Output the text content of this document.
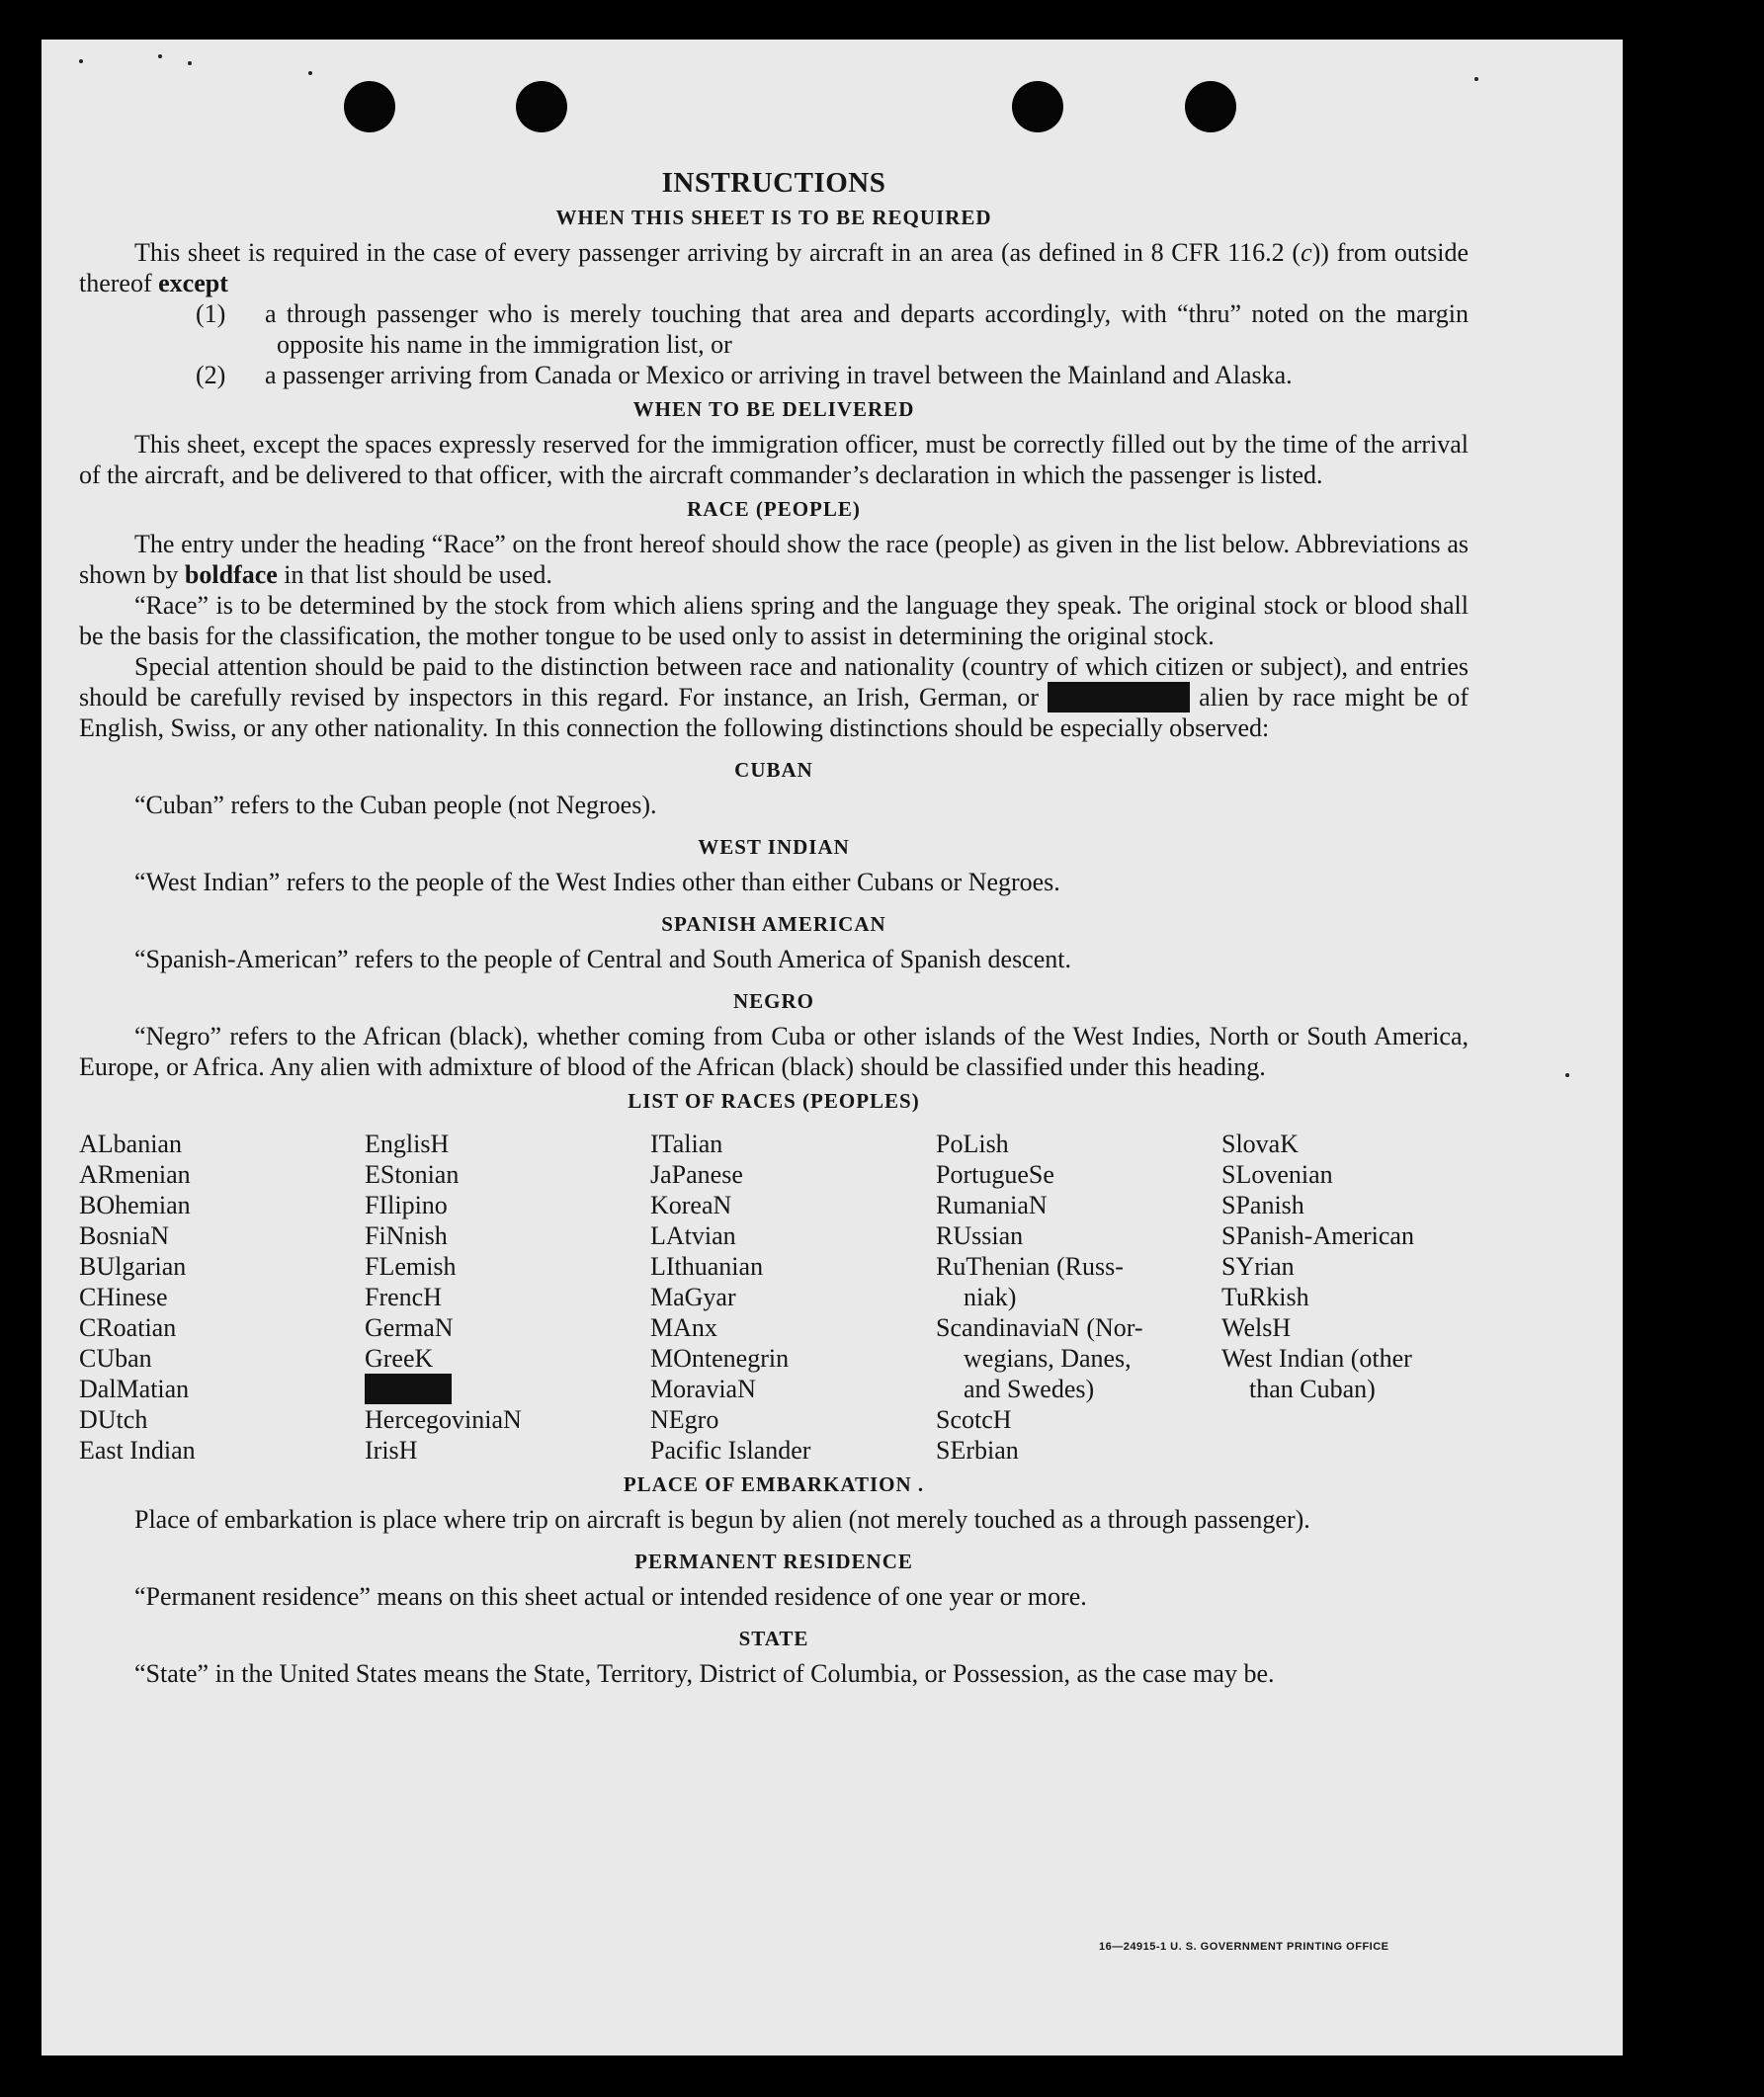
INSTRUCTIONS
WHEN THIS SHEET IS TO BE REQUIRED

This sheet is required in the case of every passenger arriving by aircraft in an area (as defined in 8 CFR 116.2 (c)) from outside thereof except

(1) a through passenger who is merely touching that area and departs accordingly, with “thru” noted on the margin opposite his name in the immigration list, or
(2) a passenger arriving from Canada or Mexico or arriving in travel between the Mainland and Alaska.
WHEN TO BE DELIVERED

This sheet, except the spaces expressly reserved for the immigration officer, must be correctly filled out by the time of the arrival of the aircraft, and be delivered to that officer, with the aircraft commander’s declaration in which the passenger is listed.

RACE (PEOPLE)

The entry under the heading “Race” on the front hereof should show the race (people) as given in the list below. Abbreviations as shown by boldface in that list should be used.

“Race” is to be determined by the stock from which aliens spring and the language they speak. The original stock or blood shall be the basis for the classification, the mother tongue to be used only to assist in determining the original stock.

Special attention should be paid to the distinction between race and nationality (country of which citizen or subject), and entries should be carefully revised by inspectors in this regard. For instance, an Irish, German, or	alien by race might be of English, Swiss, or any other nationality. In this connection the following distinctions should be especially observed:

CUBAN

“Cuban” refers to the Cuban people (not Negroes).

WEST INDIAN

“West Indian” refers to the people of the West Indies other than either Cubans or Negroes.

SPANISH AMERICAN

“Spanish-American” refers to the people of Central and South America of Spanish descent.

NEGRO

“Negro” refers to the African (black), whether coming from Cuba or other islands of the West Indies, North or South America, Europe, or Africa. Any alien with admixture of blood of the African (black) should be classified under this heading.

LIST OF RACES (PEOPLES)
ALbanian
ARmenian
BOhemian
BosniaN
BUlgarian
CHinese
CRoatian
CUban
DalMatian
DUtch
East Indian
EnglisH
EStonian
FIlipino
FiNnish
FLemish
FrencH
GermaN
GreeK
HercegoviniaN
IrisH
ITalian
JaPanese
KoreaN
LAtvian
LIthuanian
MaGyar
MAnx
MOntenegrin
MoraviaN
NEgro
Pacific Islander
PoLish
PortugueSe
RumaniaN
RUssian
RuThenian (Russ-
niak)
ScandinaviaN (Nor-
wegians, Danes,
and Swedes)
ScotcH
SErbian
SlovaK
SLovenian
SPanish
SPanish-American
SYrian
TuRkish
WelsH
West Indian (other
than Cuban)
PLACE OF EMBARKATION .

Place of embarkation is place where trip on aircraft is begun by alien (not merely touched as a through passenger).

PERMANENT RESIDENCE

“Permanent residence” means on this sheet actual or intended residence of one year or more.

STATE

“State” in the United States means the State, Territory, District of Columbia, or Possession, as the case may be.

16—24915-1 U. S. GOVERNMENT PRINTING OFFICE
